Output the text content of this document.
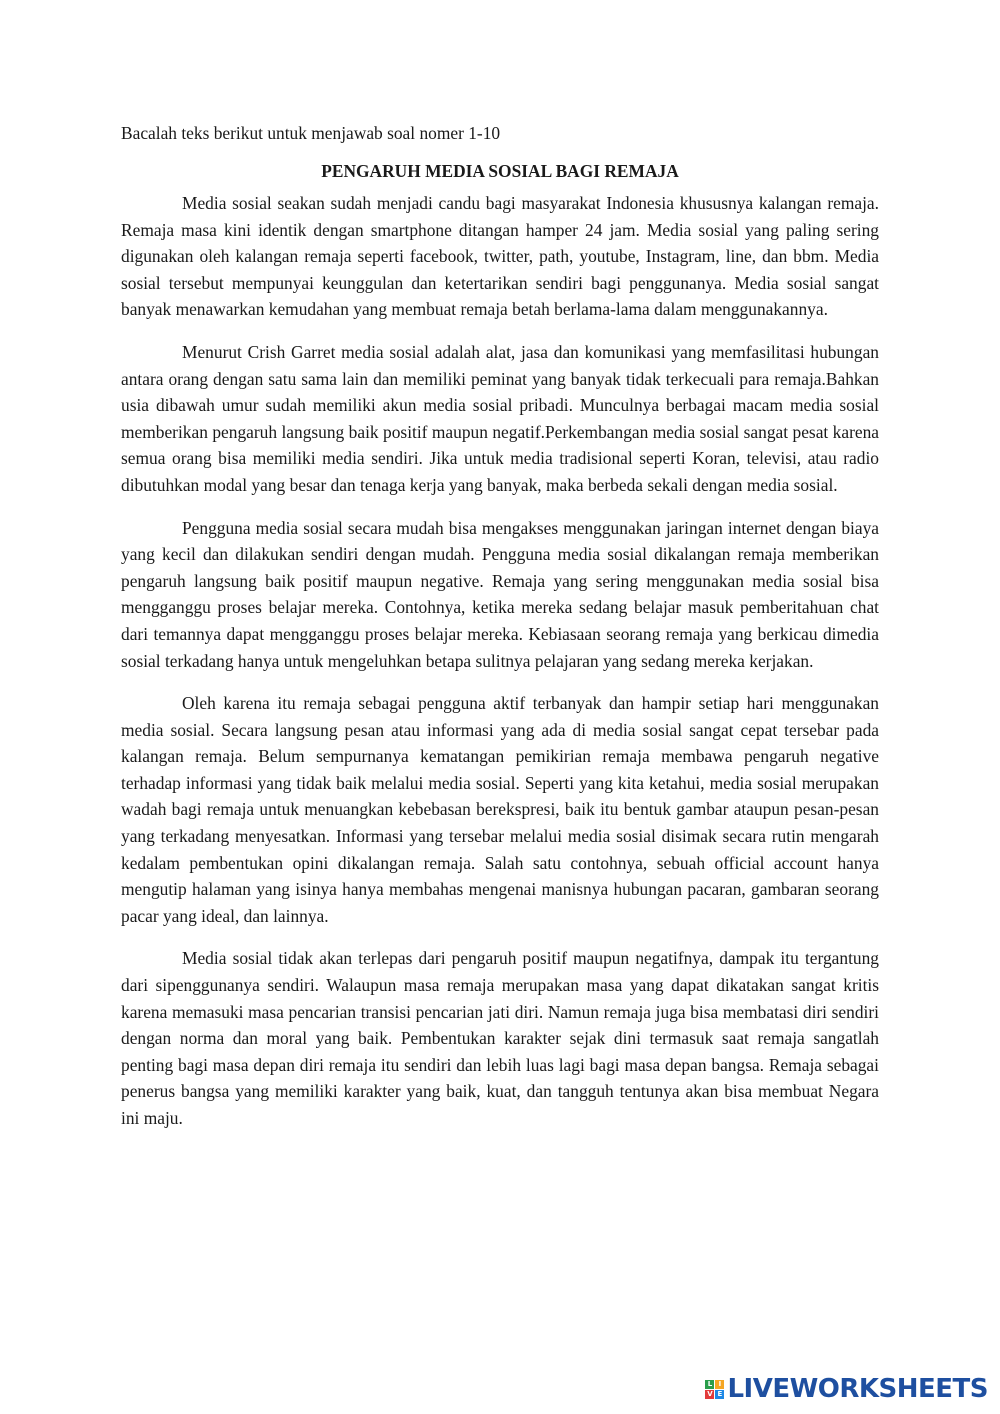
Bacalah teks berikut untuk menjawab soal nomer 1-10

PENGARUH MEDIA SOSIAL BAGI REMAJA

Media sosial seakan sudah menjadi candu bagi masyarakat Indonesia khususnya kalangan remaja. Remaja masa kini identik dengan smartphone ditangan hamper 24 jam. Media sosial yang paling sering digunakan oleh kalangan remaja seperti facebook, twitter, path, youtube, Instagram, line, dan bbm. Media sosial tersebut mempunyai keunggulan dan ketertarikan sendiri bagi penggunanya. Media sosial sangat banyak menawarkan kemudahan yang membuat remaja betah berlama-lama dalam menggunakannya.

Menurut Crish Garret media sosial adalah alat, jasa dan komunikasi yang memfasilitasi hubungan antara orang dengan satu sama lain dan memiliki peminat yang banyak tidak terkecuali para remaja.Bahkan usia dibawah umur sudah memiliki akun media sosial pribadi. Munculnya berbagai macam media sosial memberikan pengaruh langsung baik positif maupun negatif.Perkembangan media sosial sangat pesat karena semua orang bisa memiliki media sendiri. Jika untuk media tradisional seperti Koran, televisi, atau radio dibutuhkan modal yang besar dan tenaga kerja yang banyak, maka berbeda sekali dengan media sosial.

Pengguna media sosial secara mudah bisa mengakses menggunakan jaringan internet dengan biaya yang kecil dan dilakukan sendiri dengan mudah. Pengguna media sosial dikalangan remaja memberikan pengaruh langsung baik positif maupun negative. Remaja yang sering menggunakan media sosial bisa mengganggu proses belajar mereka. Contohnya, ketika mereka sedang belajar masuk pemberitahuan chat dari temannya dapat mengganggu proses belajar mereka. Kebiasaan seorang remaja yang berkicau dimedia sosial terkadang hanya untuk mengeluhkan betapa sulitnya pelajaran yang sedang mereka kerjakan.

Oleh karena itu remaja sebagai pengguna aktif terbanyak dan hampir setiap hari menggunakan media sosial. Secara langsung pesan atau informasi yang ada di media sosial sangat cepat tersebar pada kalangan remaja. Belum sempurnanya kematangan pemikirian remaja membawa pengaruh negative terhadap informasi yang tidak baik melalui media sosial. Seperti yang kita ketahui, media sosial merupakan wadah bagi remaja untuk menuangkan kebebasan berekspresi, baik itu bentuk gambar ataupun pesan-pesan yang terkadang menyesatkan. Informasi yang tersebar melalui media sosial disimak secara rutin mengarah kedalam pembentukan opini dikalangan remaja. Salah satu contohnya, sebuah official account hanya mengutip halaman yang isinya hanya membahas mengenai manisnya hubungan pacaran, gambaran seorang pacar yang ideal, dan lainnya.

Media sosial tidak akan terlepas dari pengaruh positif maupun negatifnya, dampak itu tergantung dari sipenggunanya sendiri. Walaupun masa remaja merupakan masa yang dapat dikatakan sangat kritis karena memasuki masa pencarian transisi pencarian jati diri. Namun remaja juga bisa membatasi diri sendiri dengan norma dan moral yang baik. Pembentukan karakter sejak dini termasuk saat remaja sangatlah penting bagi masa depan diri remaja itu sendiri dan lebih luas lagi bagi masa depan bangsa. Remaja sebagai penerus bangsa yang memiliki karakter yang baik, kuat, dan tangguh tentunya akan bisa membuat Negara ini maju.

L I
V E LIVEWORKSHEETS
